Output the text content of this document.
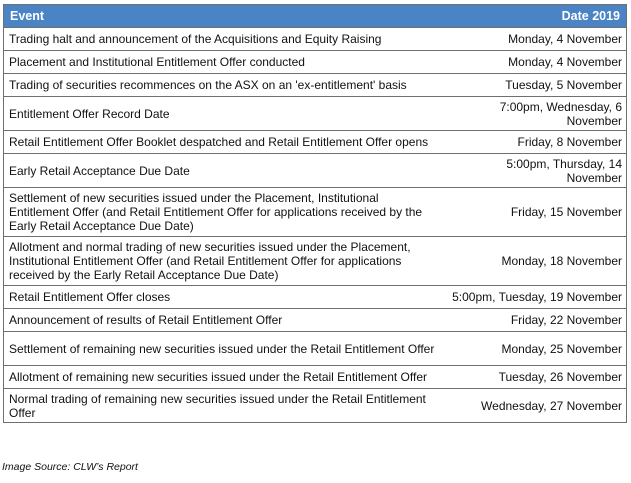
Event	Date 2019
Trading halt and announcement of the Acquisitions and Equity Raising	Monday, 4 November
Placement and Institutional Entitlement Offer conducted	Monday, 4 November
Trading of securities recommences on the ASX on an 'ex-entitlement' basis	Tuesday, 5 November
Entitlement Offer Record Date	7:00pm, Wednesday, 6 November
Retail Entitlement Offer Booklet despatched and Retail Entitlement Offer opens	Friday, 8 November
Early Retail Acceptance Due Date	5:00pm, Thursday, 14 November
Settlement of new securities issued under the Placement, Institutional Entitlement Offer (and Retail Entitlement Offer for applications received by the Early Retail Acceptance Due Date)	Friday, 15 November
Allotment and normal trading of new securities issued under the Placement, Institutional Entitlement Offer (and Retail Entitlement Offer for applications received by the Early Retail Acceptance Due Date)	Monday, 18 November
Retail Entitlement Offer closes	5:00pm, Tuesday, 19 November
Announcement of results of Retail Entitlement Offer	Friday, 22 November
Settlement of remaining new securities issued under the Retail Entitlement Offer	Monday, 25 November
Allotment of remaining new securities issued under the Retail Entitlement Offer	Tuesday, 26 November
Normal trading of remaining new securities issued under the Retail Entitlement Offer	Wednesday, 27 November
Image Source: CLW’s Report
